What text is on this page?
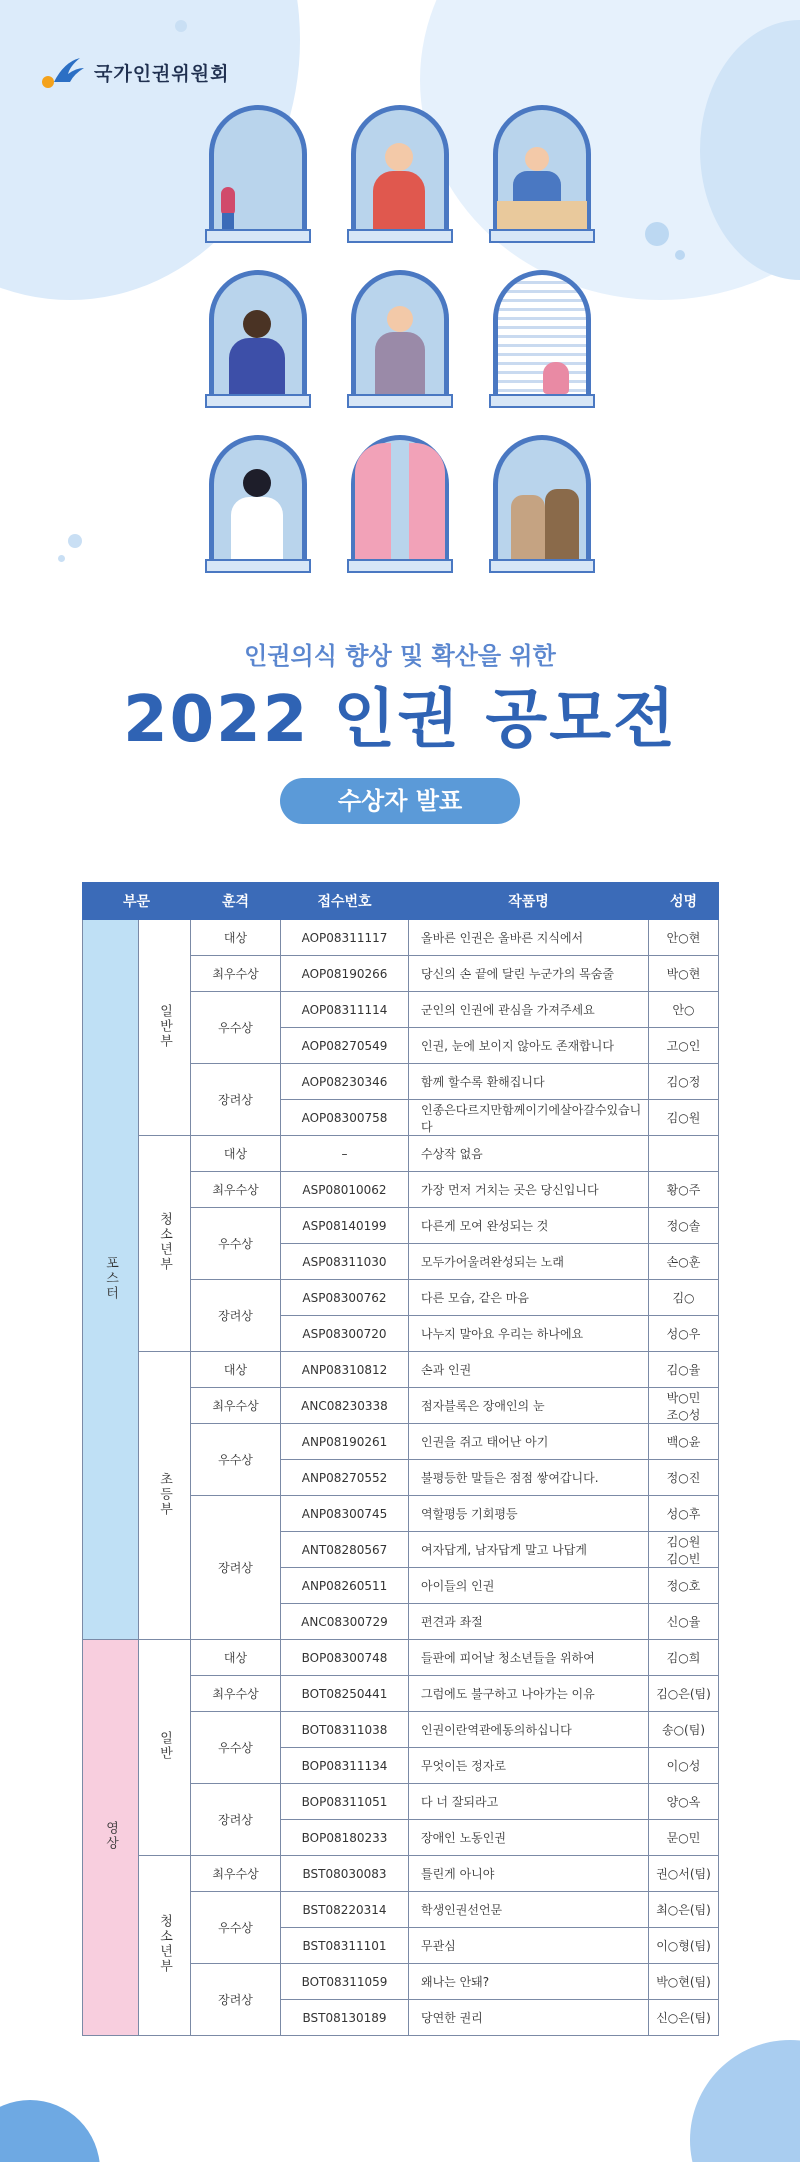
국가인권위원회
인권의식 향상 및 확산을 위한
2022 인권 공모전
수상자 발표
부문		훈격	접수번호	작품명	성명
포스터	일반부	대상	AOP08311117	올바른 인권은 올바른 지식에서	안○현
		최우수상	AOP08190266	당신의 손 끝에 달린 누군가의 목숨줄	박○현
		우수상	AOP08311114	군인의 인권에 관심을 가져주세요	안○
			AOP08270549	인권, 눈에 보이지 않아도 존재합니다	고○인
		장려상	AOP08230346	함께 할수록 환해집니다	김○정
			AOP08300758	인종은다르지만함께이기에살아갈수있습니다	김○원
	청소년부	대상	–	수상작 없음	
		최우수상	ASP08010062	가장 먼저 거치는 곳은 당신입니다	황○주
		우수상	ASP08140199	다른게 모여 완성되는 것	정○솔
			ASP08311030	모두가어울려완성되는 노래	손○훈
		장려상	ASP08300762	다른 모습, 같은 마음	김○
			ASP08300720	나누지 말아요 우리는 하나에요	성○우
	초등부	대상	ANP08310812	손과 인권	김○율
		최우수상	ANC08230338	점자블록은 장애인의 눈	박○민
조○성
		우수상	ANP08190261	인권을 쥐고 태어난 아기	백○윤
			ANP08270552	불평등한 말들은 점점 쌓여갑니다.	정○진
		장려상	ANP08300745	역할평등 기회평등	성○후
			ANT08280567	여자답게, 남자답게 말고 나답게	김○원
김○빈
			ANP08260511	아이들의 인권	정○호
			ANC08300729	편견과 좌절	신○율
영상	일반	대상	BOP08300748	들판에 피어날 청소년들을 위하여	김○희
		최우수상	BOT08250441	그럼에도 불구하고 나아가는 이유	김○은(팀)
		우수상	BOT08311038	인권이란역관에동의하십니다	송○(팀)
			BOP08311134	무엇이든 정자로	이○성
		장려상	BOP08311051	다 너 잘되라고	양○옥
			BOP08180233	장애인 노동인권	문○민
	청소년부	최우수상	BST08030083	틀린게 아니야	권○서(팀)
		우수상	BST08220314	학생인권선언문	최○은(팀)
			BST08311101	무관심	이○형(팀)
		장려상	BOT08311059	왜나는 안돼?	박○현(팀)
			BST08130189	당연한 권리	신○은(팀)
